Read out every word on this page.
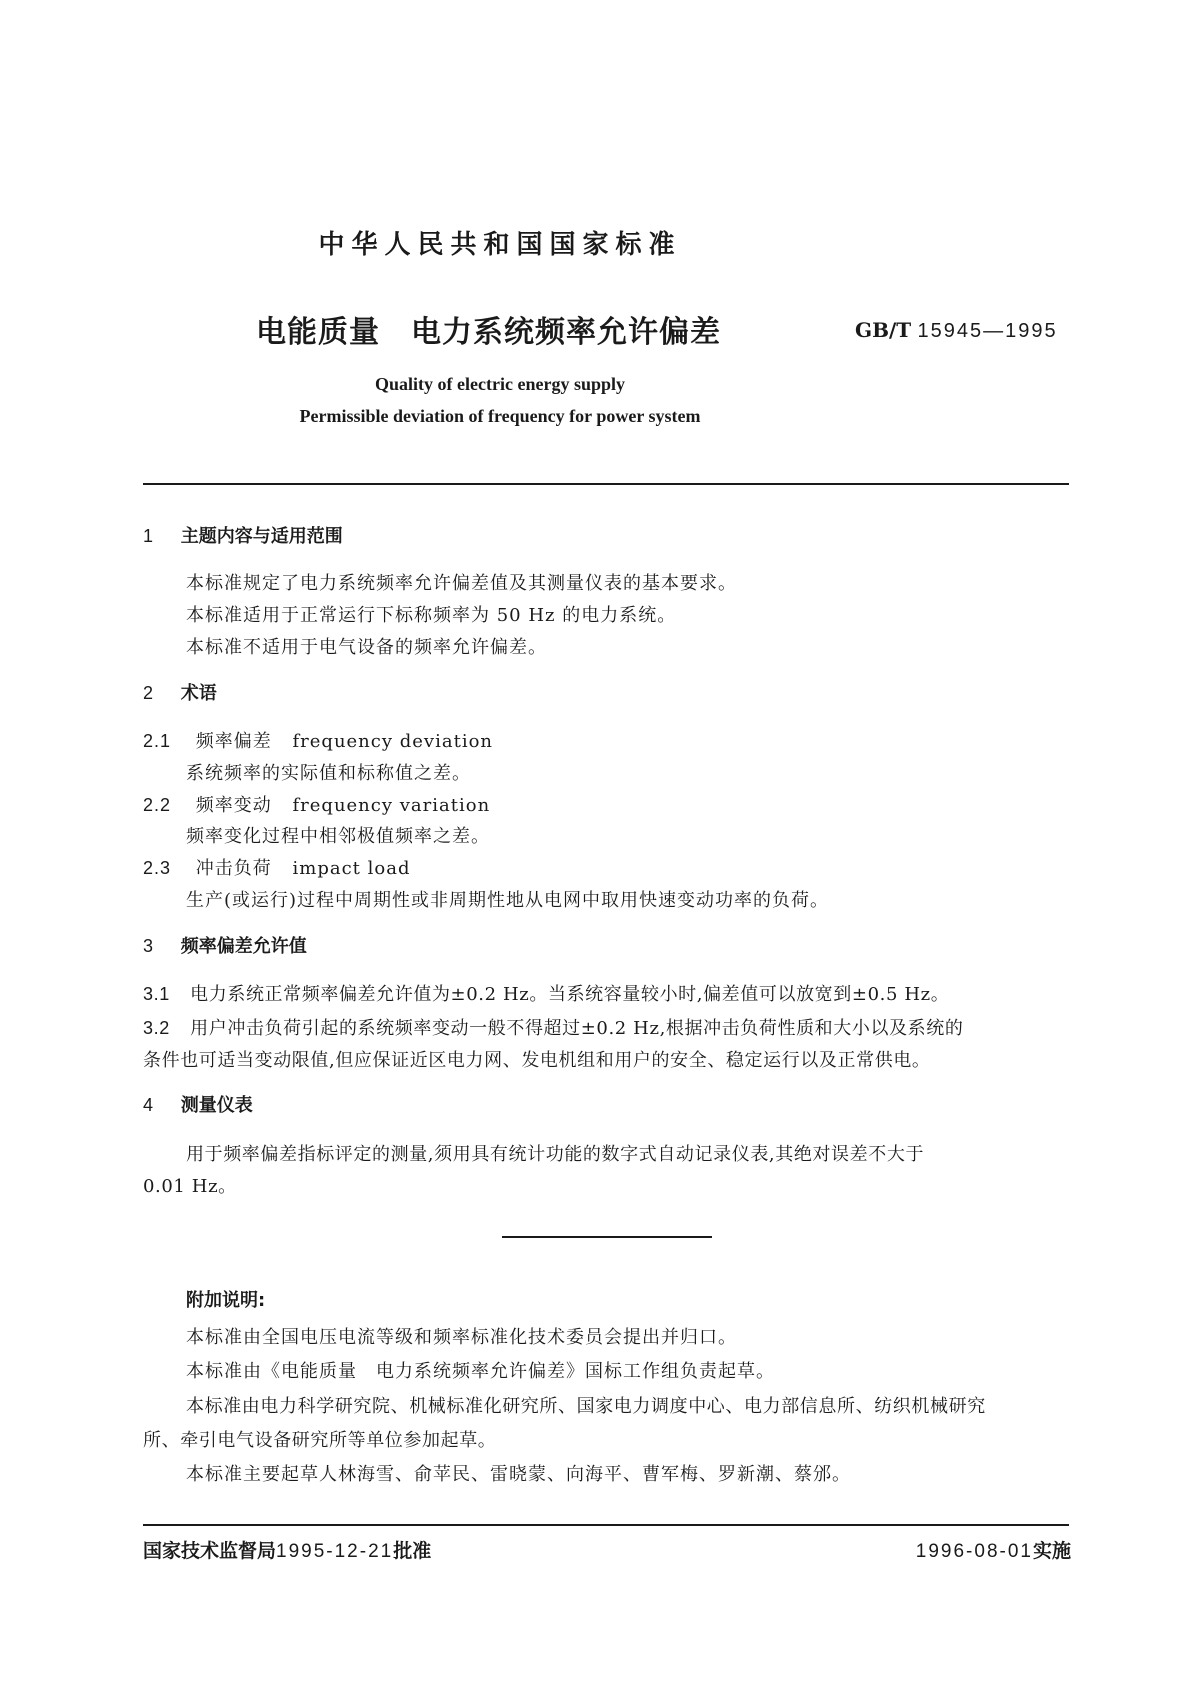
中华人民共和国国家标准
电能质量　电力系统频率允许偏差	GB/T 15945—1995
Quality of electric energy supply
Permissible deviation of frequency for power system
1 主题内容与适用范围
本标准规定了电力系统频率允许偏差值及其测量仪表的基本要求。
本标准适用于正常运行下标称频率为 50 Hz 的电力系统。
本标准不适用于电气设备的频率允许偏差。
2 术语
2.1 频率偏差 frequency deviation
系统频率的实际值和标称值之差。
2.2 频率变动 frequency variation
频率变化过程中相邻极值频率之差。
2.3 冲击负荷 impact load
生产(或运行)过程中周期性或非周期性地从电网中取用快速变动功率的负荷。
3 频率偏差允许值
3.1 电力系统正常频率偏差允许值为±0.2 Hz。当系统容量较小时,偏差值可以放宽到±0.5 Hz。
3.2 用户冲击负荷引起的系统频率变动一般不得超过±0.2 Hz,根据冲击负荷性质和大小以及系统的
条件也可适当变动限值,但应保证近区电力网、发电机组和用户的安全、稳定运行以及正常供电。
4 测量仪表
用于频率偏差指标评定的测量,须用具有统计功能的数字式自动记录仪表,其绝对误差不大于
0.01 Hz。
附加说明:
本标准由全国电压电流等级和频率标准化技术委员会提出并归口。
本标准由《电能质量　电力系统频率允许偏差》国标工作组负责起草。
本标准由电力科学研究院、机械标准化研究所、国家电力调度中心、电力部信息所、纺织机械研究
所、牵引电气设备研究所等单位参加起草。
本标准主要起草人林海雪、俞苹民、雷晓蒙、向海平、曹军梅、罗新潮、蔡邠。
国家技术监督局1995-12-21批准	1996-08-01实施
